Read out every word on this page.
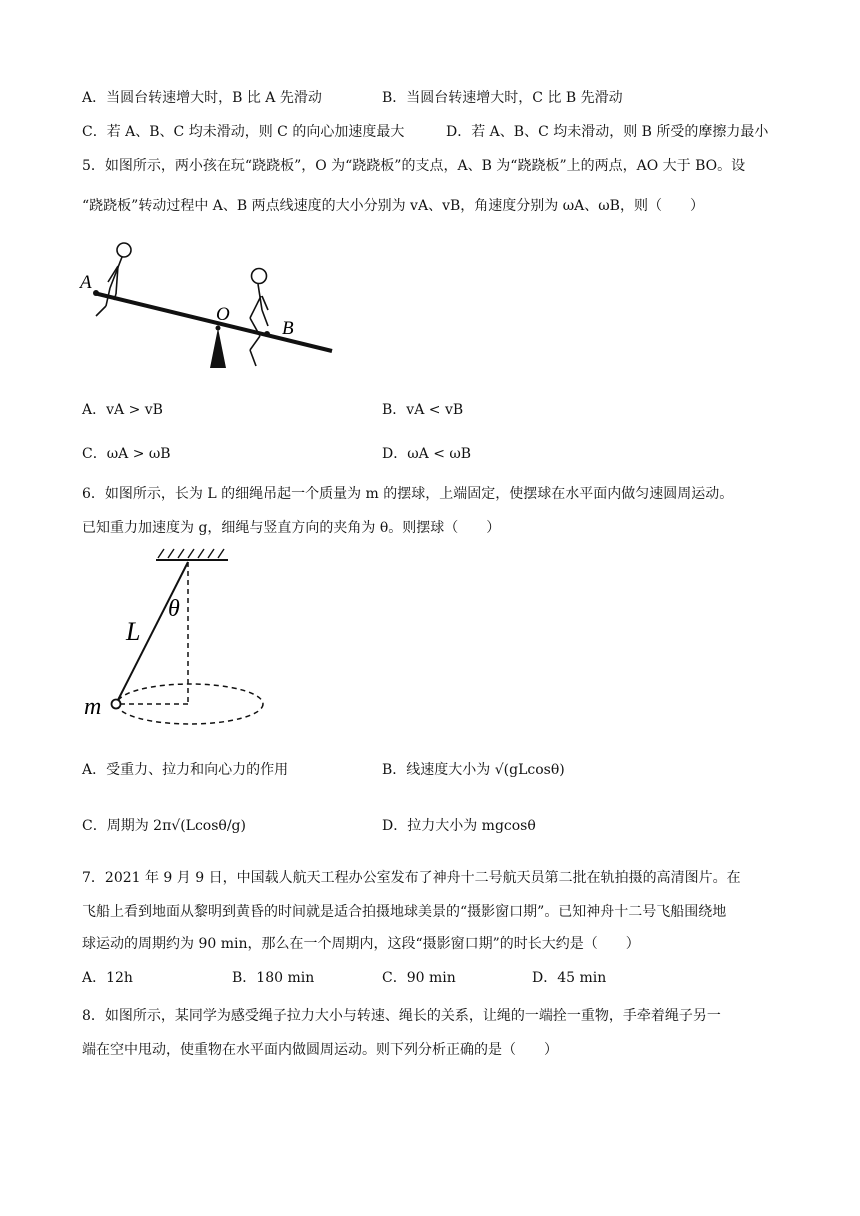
A．当圆台转速增大时，B 比 A 先滑动	B．当圆台转速增大时，C 比 B 先滑动
C．若 A、B、C 均未滑动，则 C 的向心加速度最大	D．若 A、B、C 均未滑动，则 B 所受的摩擦力最小
5．如图所示，两小孩在玩“跷跷板”，O 为“跷跷板”的支点，A、B 为“跷跷板”上的两点，AO 大于 BO。设
“跷跷板”转动过程中 A、B 两点线速度的大小分别为 vA、vB，角速度分别为 ωA、ωB，则（　　）
A
O
B
A．vA > vB	B．vA < vB
C．ωA > ωB	D．ωA < ωB
6．如图所示，长为 L 的细绳吊起一个质量为 m 的摆球，上端固定，使摆球在水平面内做匀速圆周运动。
已知重力加速度为 g，细绳与竖直方向的夹角为 θ。则摆球（　　）
L
θ
m
A．受重力、拉力和向心力的作用	B．线速度大小为 √(gLcosθ)
C．周期为 2π√(Lcosθ/g)	D．拉力大小为 mgcosθ
7．2021 年 9 月 9 日，中国载人航天工程办公室发布了神舟十二号航天员第二批在轨拍摄的高清图片。在
飞船上看到地面从黎明到黄昏的时间就是适合拍摄地球美景的“摄影窗口期”。已知神舟十二号飞船围绕地
球运动的周期约为 90 min，那么在一个周期内，这段“摄影窗口期”的时长大约是（　　）
A．12h	B．180 min	C．90 min	D．45 min
8．如图所示，某同学为感受绳子拉力大小与转速、绳长的关系，让绳的一端拴一重物，手牵着绳子另一
端在空中甩动，使重物在水平面内做圆周运动。则下列分析正确的是（　　）
